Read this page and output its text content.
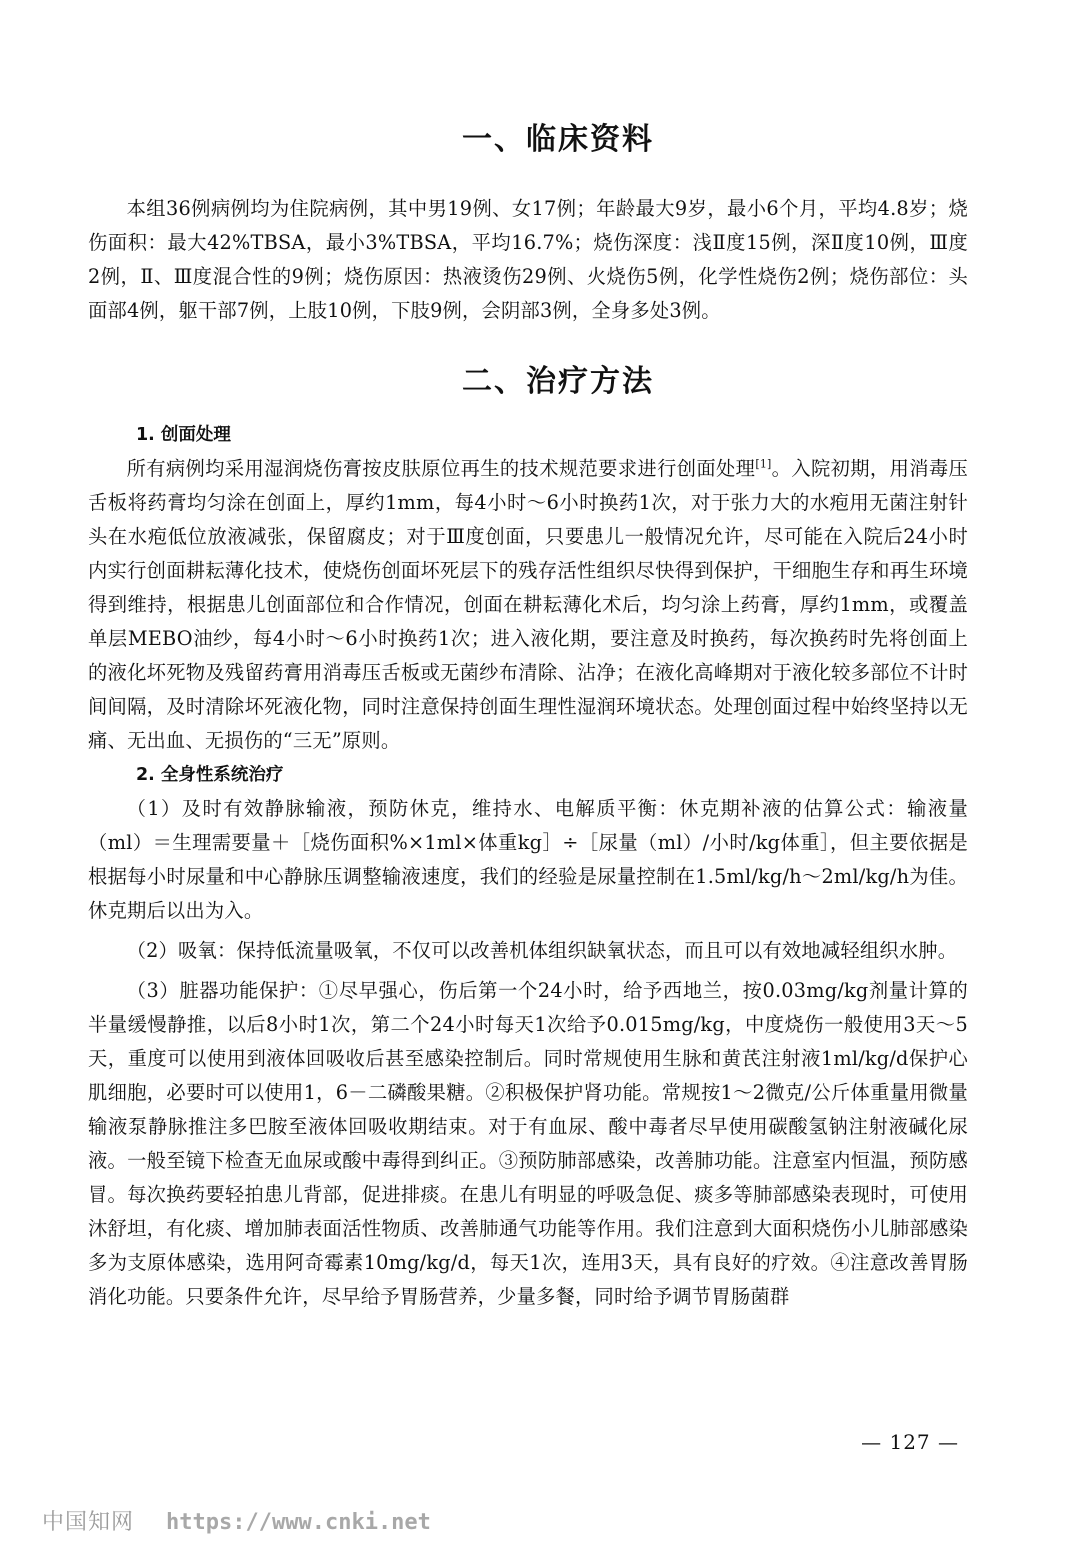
一、临床资料

本组36例病例均为住院病例，其中男19例、女17例；年龄最大9岁，最小6个月，平均4.8岁；烧伤面积：最大42%TBSA，最小3%TBSA，平均16.7%；烧伤深度：浅Ⅱ度15例，深Ⅱ度10例，Ⅲ度2例，Ⅱ、Ⅲ度混合性的9例；烧伤原因：热液烫伤29例、火烧伤5例，化学性烧伤2例；烧伤部位：头面部4例，躯干部7例，上肢10例，下肢9例，会阴部3例，全身多处3例。

二、治疗方法

1. 创面处理

所有病例均采用湿润烧伤膏按皮肤原位再生的技术规范要求进行创面处理[1]。入院初期，用消毒压舌板将药膏均匀涂在创面上，厚约1mm，每4小时～6小时换药1次，对于张力大的水疱用无菌注射针头在水疱低位放液减张，保留腐皮；对于Ⅲ度创面，只要患儿一般情况允许，尽可能在入院后24小时内实行创面耕耘薄化技术，使烧伤创面坏死层下的残存活性组织尽快得到保护，干细胞生存和再生环境得到维持，根据患儿创面部位和合作情况，创面在耕耘薄化术后，均匀涂上药膏，厚约1mm，或覆盖单层MEBO油纱，每4小时～6小时换药1次；进入液化期，要注意及时换药，每次换药时先将创面上的液化坏死物及残留药膏用消毒压舌板或无菌纱布清除、沾净；在液化高峰期对于液化较多部位不计时间间隔，及时清除坏死液化物，同时注意保持创面生理性湿润环境状态。处理创面过程中始终坚持以无痛、无出血、无损伤的“三无”原则。

2. 全身性系统治疗

（1）及时有效静脉输液，预防休克，维持水、电解质平衡：休克期补液的估算公式：输液量（ml）＝生理需要量＋［烧伤面积%×1ml×体重kg］÷［尿量（ml）/小时/kg体重］，但主要依据是根据每小时尿量和中心静脉压调整输液速度，我们的经验是尿量控制在1.5ml/kg/h～2ml/kg/h为佳。休克期后以出为入。

（2）吸氧：保持低流量吸氧，不仅可以改善机体组织缺氧状态，而且可以有效地减轻组织水肿。

（3）脏器功能保护：①尽早强心，伤后第一个24小时，给予西地兰，按0.03mg/kg剂量计算的半量缓慢静推，以后8小时1次，第二个24小时每天1次给予0.015mg/kg，中度烧伤一般使用3天～5天，重度可以使用到液体回吸收后甚至感染控制后。同时常规使用生脉和黄芪注射液1ml/kg/d保护心肌细胞，必要时可以使用1，6－二磷酸果糖。②积极保护肾功能。常规按1～2微克/公斤体重量用微量输液泵静脉推注多巴胺至液体回吸收期结束。对于有血尿、酸中毒者尽早使用碳酸氢钠注射液碱化尿液。一般至镜下检查无血尿或酸中毒得到纠正。③预防肺部感染，改善肺功能。注意室内恒温，预防感冒。每次换药要轻拍患儿背部，促进排痰。在患儿有明显的呼吸急促、痰多等肺部感染表现时，可使用沐舒坦，有化痰、增加肺表面活性物质、改善肺通气功能等作用。我们注意到大面积烧伤小儿肺部感染多为支原体感染，选用阿奇霉素10mg/kg/d，每天1次，连用3天，具有良好的疗效。④注意改善胃肠消化功能。只要条件允许，尽早给予胃肠营养，少量多餐，同时给予调节胃肠菌群

— 127 —
中国知网 https://www.cnki.net
